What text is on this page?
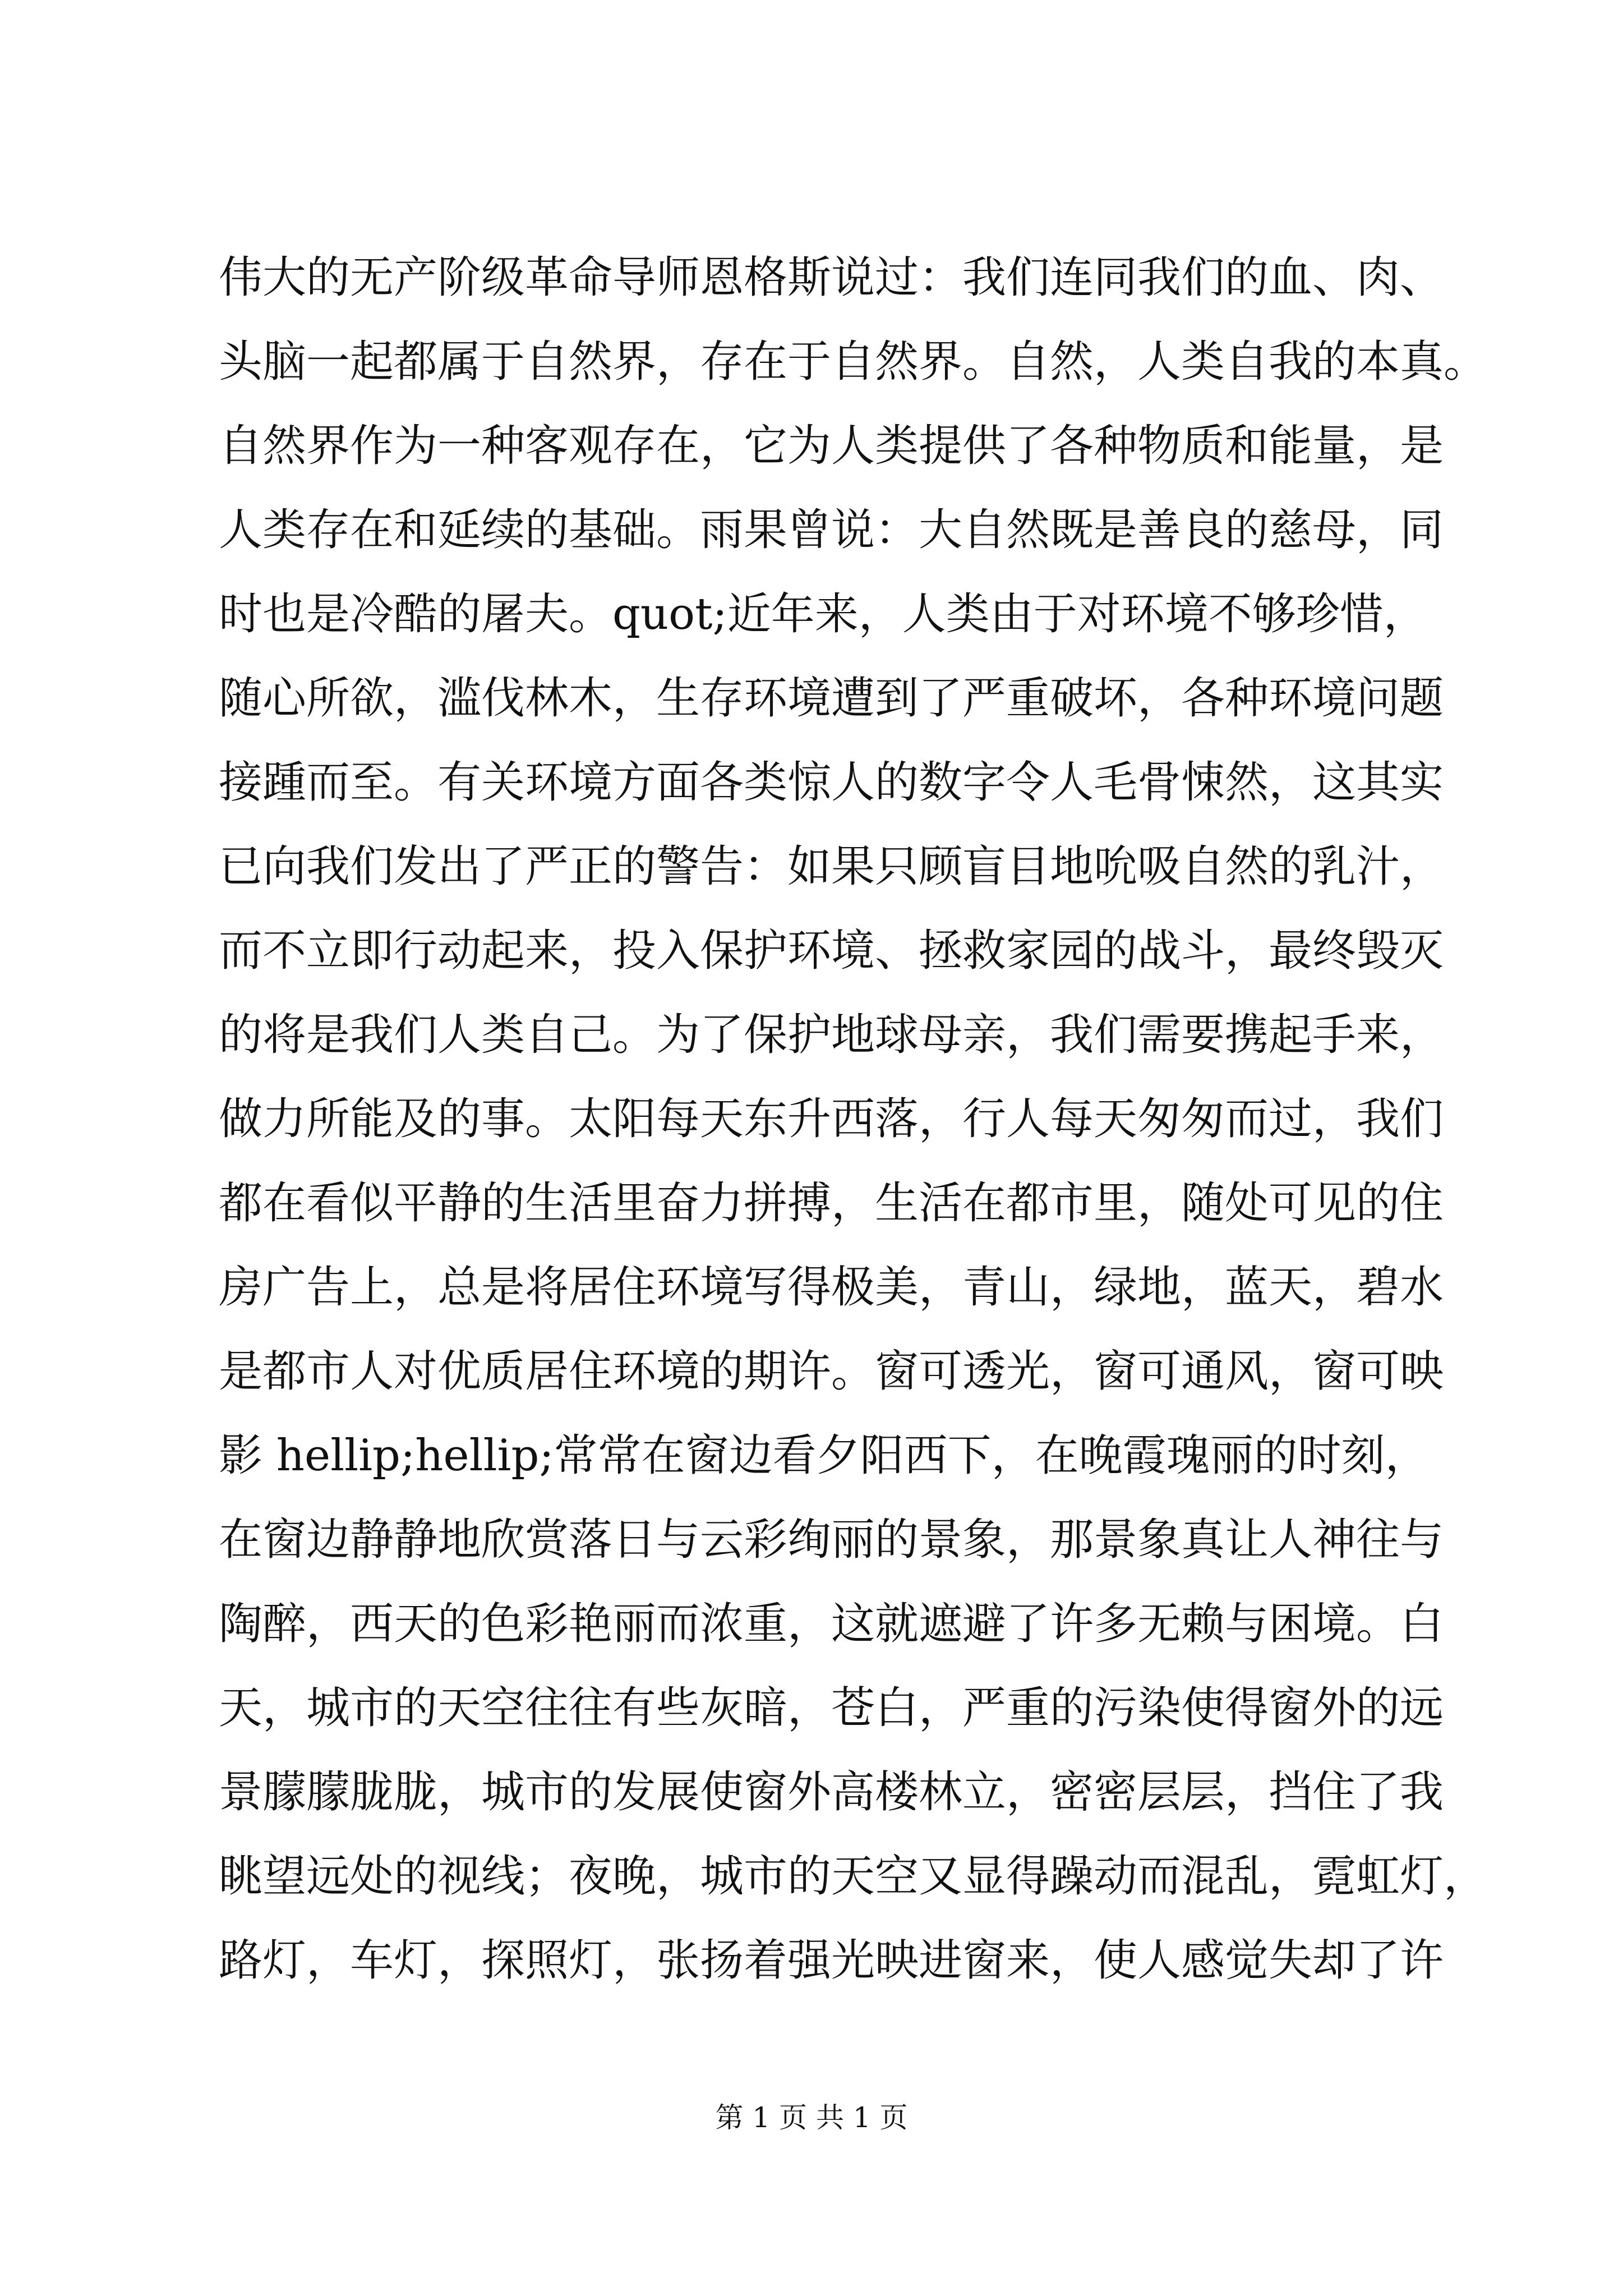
伟大的无产阶级革命导师恩格斯说过：我们连同我们的血、肉、
头脑一起都属于自然界，存在于自然界。自然，人类自我的本真。
自然界作为一种客观存在，它为人类提供了各种物质和能量，是
人类存在和延续的基础。雨果曾说：大自然既是善良的慈母，同
时也是冷酷的屠夫。quot;近年来，人类由于对环境不够珍惜，
随心所欲，滥伐林木，生存环境遭到了严重破坏，各种环境问题
接踵而至。有关环境方面各类惊人的数字令人毛骨悚然，这其实
已向我们发出了严正的警告：如果只顾盲目地吮吸自然的乳汁，
而不立即行动起来，投入保护环境、拯救家园的战斗，最终毁灭
的将是我们人类自己。为了保护地球母亲，我们需要携起手来，
做力所能及的事。太阳每天东升西落，行人每天匆匆而过，我们
都在看似平静的生活里奋力拼搏，生活在都市里，随处可见的住
房广告上，总是将居住环境写得极美，青山，绿地，蓝天，碧水
是都市人对优质居住环境的期许。窗可透光，窗可通风，窗可映
影 hellip;hellip;常常在窗边看夕阳西下，在晚霞瑰丽的时刻，
在窗边静静地欣赏落日与云彩绚丽的景象，那景象真让人神往与
陶醉，西天的色彩艳丽而浓重，这就遮避了许多无赖与困境。白
天，城市的天空往往有些灰暗，苍白，严重的污染使得窗外的远
景朦朦胧胧，城市的发展使窗外高楼林立，密密层层，挡住了我
眺望远处的视线；夜晚，城市的天空又显得躁动而混乱，霓虹灯，
路灯，车灯，探照灯，张扬着强光映进窗来，使人感觉失却了许
第 1 页 共 1 页
